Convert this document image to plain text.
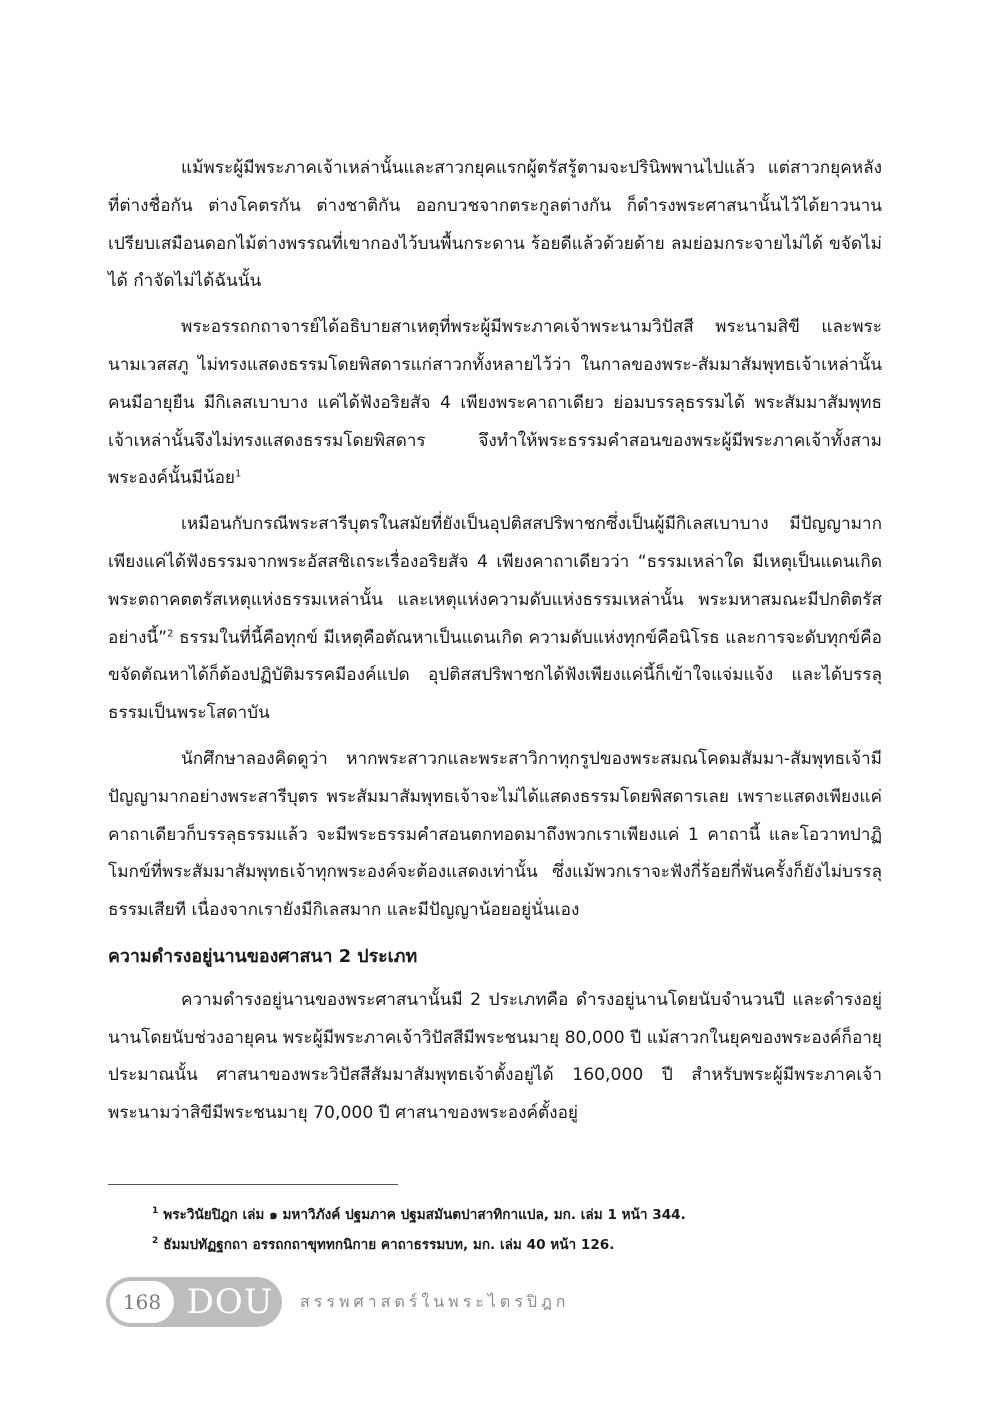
แม้พระผู้มีพระภาคเจ้าเหล่านั้นและสาวกยุคแรกผู้ตรัสรู้ตามจะปรินิพพานไปแล้ว แต่สาวกยุคหลังที่ต่างชื่อกัน ต่างโคตรกัน ต่างชาติกัน ออกบวชจากตระกูลต่างกัน ก็ดำรงพระศาสนานั้นไว้ได้ยาวนาน เปรียบเสมือนดอกไม้ต่างพรรณที่เขากองไว้บนพื้นกระดาน ร้อยดีแล้วด้วยด้าย ลมย่อมกระจายไม่ได้ ขจัดไม่ได้ กำจัดไม่ได้ฉันนั้น

พระอรรถกถาจารย์ได้อธิบายสาเหตุที่พระผู้มีพระภาคเจ้าพระนามวิปัสสี พระนามสิขี และพระนามเวสสภู ไม่ทรงแสดงธรรมโดยพิสดารแก่สาวกทั้งหลายไว้ว่า ในกาลของพระ-สัมมาสัมพุทธเจ้าเหล่านั้น คนมีอายุยืน มีกิเลสเบาบาง แค่ได้ฟังอริยสัจ 4 เพียงพระคาถาเดียว ย่อมบรรลุธรรมได้ พระสัมมาสัมพุทธเจ้าเหล่านั้นจึงไม่ทรงแสดงธรรมโดยพิสดาร จึงทำให้พระธรรมคำสอนของพระผู้มีพระภาคเจ้าทั้งสามพระองค์นั้นมีน้อย$^1$

เหมือนกับกรณีพระสารีบุตรในสมัยที่ยังเป็นอุปติสสปริพาชกซึ่งเป็นผู้มีกิเลสเบาบาง มีปัญญามาก เพียงแค่ได้ฟังธรรมจากพระอัสสชิเถระเรื่องอริยสัจ 4 เพียงคาถาเดียวว่า “ธรรมเหล่าใด มีเหตุเป็นแดนเกิด พระตถาคตตรัสเหตุแห่งธรรมเหล่านั้น และเหตุแห่งความดับแห่งธรรมเหล่านั้น พระมหาสมณะมีปกติตรัสอย่างนี้”$^2$ ธรรมในที่นี้คือทุกข์ มีเหตุคือตัณหาเป็นแดนเกิด ความดับแห่งทุกข์คือนิโรธ และการจะดับทุกข์คือขจัดตัณหาได้ก็ต้องปฏิบัติมรรคมีองค์แปด อุปติสสปริพาชกได้ฟังเพียงแค่นี้ก็เข้าใจแจ่มแจ้ง และได้บรรลุธรรมเป็นพระโสดาบัน

นักศึกษาลองคิดดูว่า หากพระสาวกและพระสาวิกาทุกรูปของพระสมณโคดมสัมมา-สัมพุทธเจ้ามีปัญญามากอย่างพระสารีบุตร พระสัมมาสัมพุทธเจ้าจะไม่ได้แสดงธรรมโดยพิสดารเลย เพราะแสดงเพียงแค่คาถาเดียวก็บรรลุธรรมแล้ว จะมีพระธรรมคำสอนตกทอดมาถึงพวกเราเพียงแค่ 1 คาถานี้ และโอวาทปาฏิโมกข์ที่พระสัมมาสัมพุทธเจ้าทุกพระองค์จะต้องแสดงเท่านั้น ซึ่งแม้พวกเราจะฟังกี่ร้อยกี่พันครั้งก็ยังไม่บรรลุธรรมเสียที เนื่องจากเรายังมีกิเลสมาก และมีปัญญาน้อยอยู่นั่นเอง

ความดำรงอยู่นานของศาสนา 2 ประเภท

ความดำรงอยู่นานของพระศาสนานั้นมี 2 ประเภทคือ ดำรงอยู่นานโดยนับจำนวนปี และดำรงอยู่นานโดยนับช่วงอายุคน พระผู้มีพระภาคเจ้าวิปัสสีมีพระชนมายุ 80,000 ปี แม้สาวกในยุคของพระองค์ก็อายุประมาณนั้น ศาสนาของพระวิปัสสีสัมมาสัมพุทธเจ้าตั้งอยู่ได้ 160,000 ปี สำหรับพระผู้มีพระภาคเจ้าพระนามว่าสิขีมีพระชนมายุ 70,000 ปี ศาสนาของพระองค์ตั้งอยู่

$^1$ พระวินัยปิฎก เล่ม ๑ มหาวิภังค์ ปฐมภาค ปฐมสมันตปาสาทิกาแปล, มก. เล่ม 1 หน้า 344.
$^2$ ธัมมปทัฏฐกถา อรรถกถาขุททกนิกาย คาถาธรรมบท, มก. เล่ม 40 หน้า 126.
168 DOU สรรพศาสตร์ในพระไตรปิฎก
